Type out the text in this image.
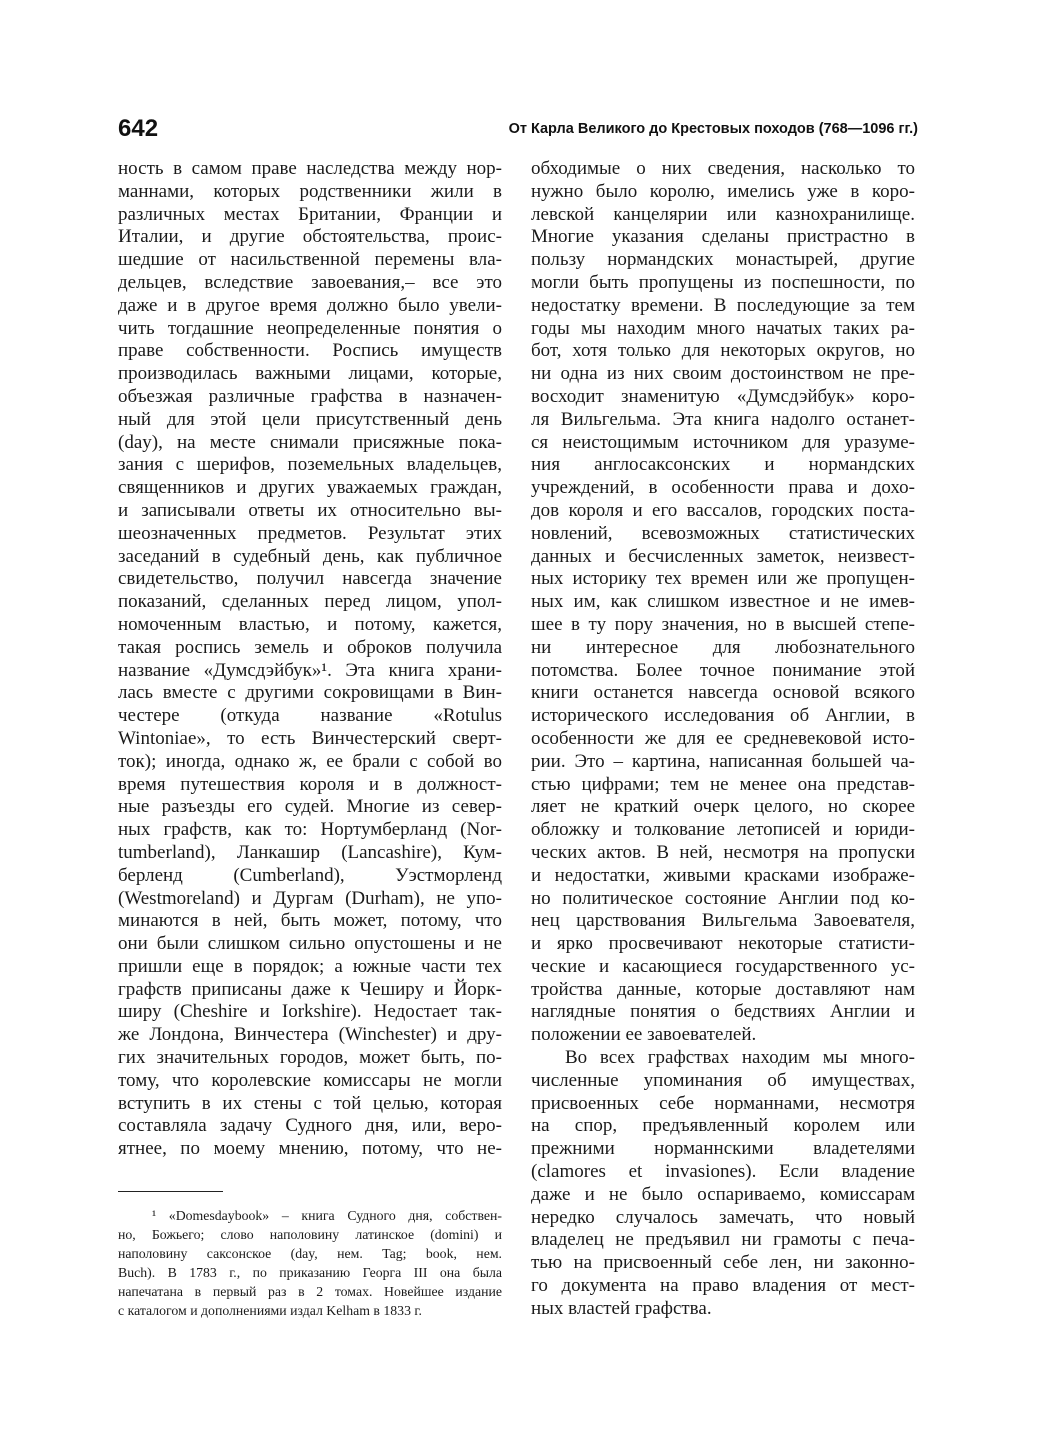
642	От Карла Великого до Крестовых походов (768—1096 гг.)
ность в самом праве наследства между нор-
маннами, которых родственники жили в
различных местах Британии, Франции и
Италии, и другие обстоятельства, проис-
шедшие от насильственной перемены вла-
дельцев, вследствие завоевания,– все это
даже и в другое время должно было увели-
чить тогдашние неопределенные понятия о
праве собственности. Роспись имуществ
производилась важными лицами, которые,
объезжая различные графства в назначен-
ный для этой цели присутственный день
(day), на месте снимали присяжные пока-
зания с шерифов, поземельных владельцев,
священников и других уважаемых граждан,
и записывали ответы их относительно вы-
шеозначенных предметов. Результат этих
заседаний в судебный день, как публичное
свидетельство, получил навсегда значение
показаний, сделанных перед лицом, упол-
номоченным властью, и потому, кажется,
такая роспись земель и оброков получила
название «Думсдэйбук»¹. Эта книга храни-
лась вместе с другими сокровищами в Вин-
честере (откуда название «Rotulus
Wintoniae», то есть Винчестерский сверт-
ток); иногда, однако ж, ее брали с собой во
время путешествия короля и в должност-
ные разъезды его судей. Многие из север-
ных графств, как то: Нортумберланд (Nor-
tumberland), Ланкашир (Lancashire), Кум-
берленд (Cumberland), Уэстморленд
(Westmoreland) и Дургам (Durham), не упо-
минаются в ней, быть может, потому, что
они были слишком сильно опустошены и не
пришли еще в порядок; а южные части тех
графств приписаны даже к Чеширу и Йорк-
ширу (Cheshire и Iorkshire). Недостает так-
же Лондона, Винчестера (Winchester) и дру-
гих значительных городов, может быть, по-
тому, что королевские комиссары не могли
вступить в их стены с той целью, которая
составляла задачу Судного дня, или, веро-
ятнее, по моему мнению, потому, что не-
обходимые о них сведения, насколько то
нужно было королю, имелись уже в коро-
левской канцелярии или казнохранилище.
Многие указания сделаны пристрастно в
пользу нормандских монастырей, другие
могли быть пропущены из поспешности, по
недостатку времени. В последующие за тем
годы мы находим много начатых таких ра-
бот, хотя только для некоторых округов, но
ни одна из них своим достоинством не пре-
восходит знаменитую «Думсдэйбук» коро-
ля Вильгельма. Эта книга надолго останет-
ся неистощимым источником для уразуме-
ния англосаксонских и нормандских
учреждений, в особенности права и дохо-
дов короля и его вассалов, городских поста-
новлений, всевозможных статистических
данных и бесчисленных заметок, неизвест-
ных историку тех времен или же пропущен-
ных им, как слишком известное и не имев-
шее в ту пору значения, но в высшей степе-
ни интересное для любознательного
потомства. Более точное понимание этой
книги останется навсегда основой всякого
исторического исследования об Англии, в
особенности же для ее средневековой исто-
рии. Это – картина, написанная большей ча-
стью цифрами; тем не менее она представ-
ляет не краткий очерк целого, но скорее
обложку и толкование летописей и юриди-
ческих актов. В ней, несмотря на пропуски
и недостатки, живыми красками изображе-
но политическое состояние Англии под ко-
нец царствования Вильгельма Завоевателя,
и ярко просвечивают некоторые статисти-
ческие и касающиеся государственного ус-
тройства данные, которые доставляют нам
наглядные понятия о бедствиях Англии и
положении ее завоевателей.
Во всех графствах находим мы много-
численные упоминания об имуществах,
присвоенных себе норманнами, несмотря
на спор, предъявленный королем или
прежними норманнскими владетелями
(clamores et invasiones). Если владение
даже и не было оспариваемо, комиссарам
нередко случалось замечать, что новый
владелец не предъявил ни грамоты с печа-
тью на присвоенный себе лен, ни законно-
го документа на право владения от мест-
ных властей графства.
¹ «Domesdaybook» – книга Судного дня, собствен-
но, Божьего; слово наполовину латинское (domini) и
наполовину саксонское (day, нем. Tag; book, нем.
Buch). В 1783 г., по приказанию Георга III она была
напечатана в первый раз в 2 томах. Новейшее издание
с каталогом и дополнениями издал Kelham в 1833 г.
